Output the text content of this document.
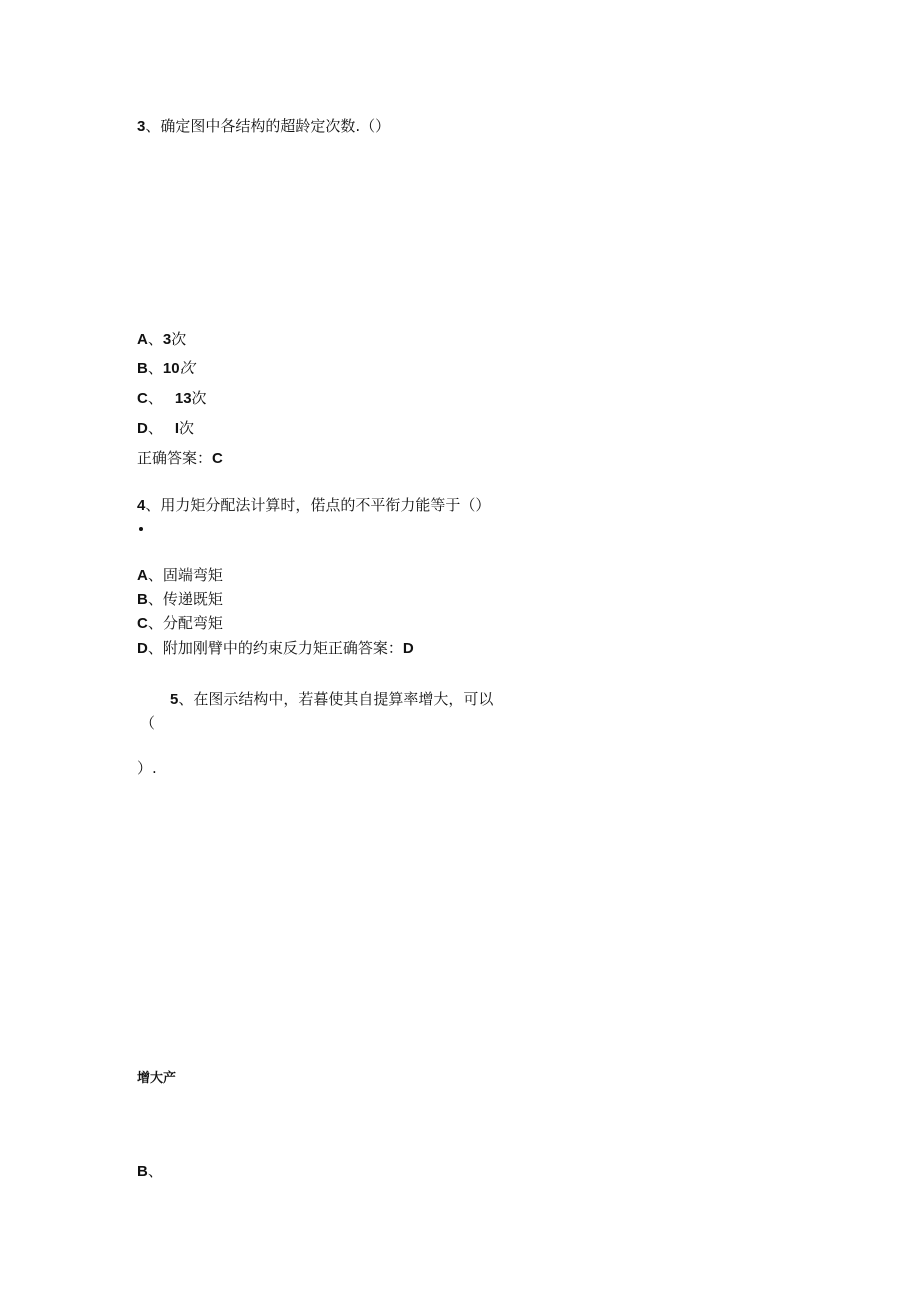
3、确定图中各结构的超龄定次数.（）
A、3次
B、10次
C、 13次
D、 I次
正确答案：C
4、用力矩分配法计算时，偌点的不平衔力能等于（）
A、固端弯矩
B、传递既矩
C、分配弯矩
D、附加刚臂中的约束反力矩正确答案：D
5、在图示结构中，若暮使其自提算率增大，可以
（
）.
增大产
B、
